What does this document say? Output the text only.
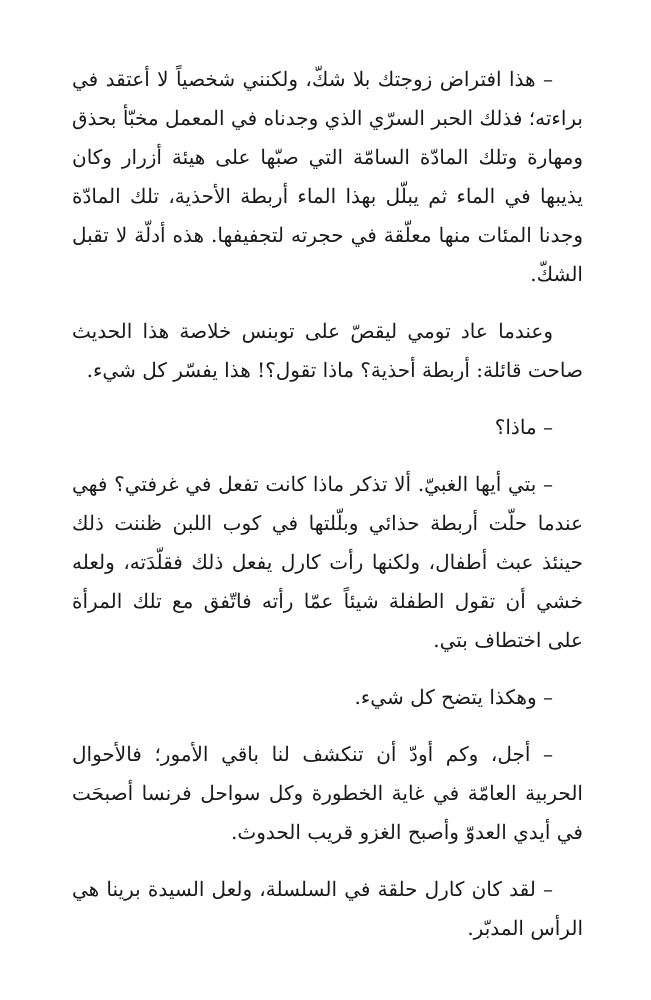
– هذا افتراض زوجتك بلا شكّ، ولكنني شخصياً لا أعتقد في براءته؛ فذلك الحبر السرّي الذي وجدناه في المعمل مخبّأ بحذق ومهارة وتلك المادّة السامّة التي صبّها على هيئة أزرار وكان يذيبها في الماء ثم يبلّل بهذا الماء أربطة الأحذية، تلك المادّة وجدنا المئات منها معلّقة في حجرته لتجفيفها. هذه أدلّة لا تقبل الشكّ.

وعندما عاد تومي ليقصّ على توبنس خلاصة هذا الحديث صاحت قائلة: أربطة أحذية؟ ماذا تقول؟! هذا يفسّر كل شيء.

– ماذا؟

– بتي أيها الغبيّ. ألا تذكر ماذا كانت تفعل في غرفتي؟ فهي عندما حلّت أربطة حذائي وبلّلتها في كوب اللبن ظننت ذلك حينئذ عبث أطفال، ولكنها رأت كارل يفعل ذلك فقلّدَته، ولعله خشي أن تقول الطفلة شيئاً عمّا رأته فاتّفق مع تلك المرأة على اختطاف بتي.

– وهكذا يتضح كل شيء.

– أجل، وكم أودّ أن تنكشف لنا باقي الأمور؛ فالأحوال الحربية العامّة في غاية الخطورة وكل سواحل فرنسا أصبحَت في أيدي العدوّ وأصبح الغزو قريب الحدوث.

– لقد كان كارل حلقة في السلسلة، ولعل السيدة برينا هي الرأس المدبّر.
